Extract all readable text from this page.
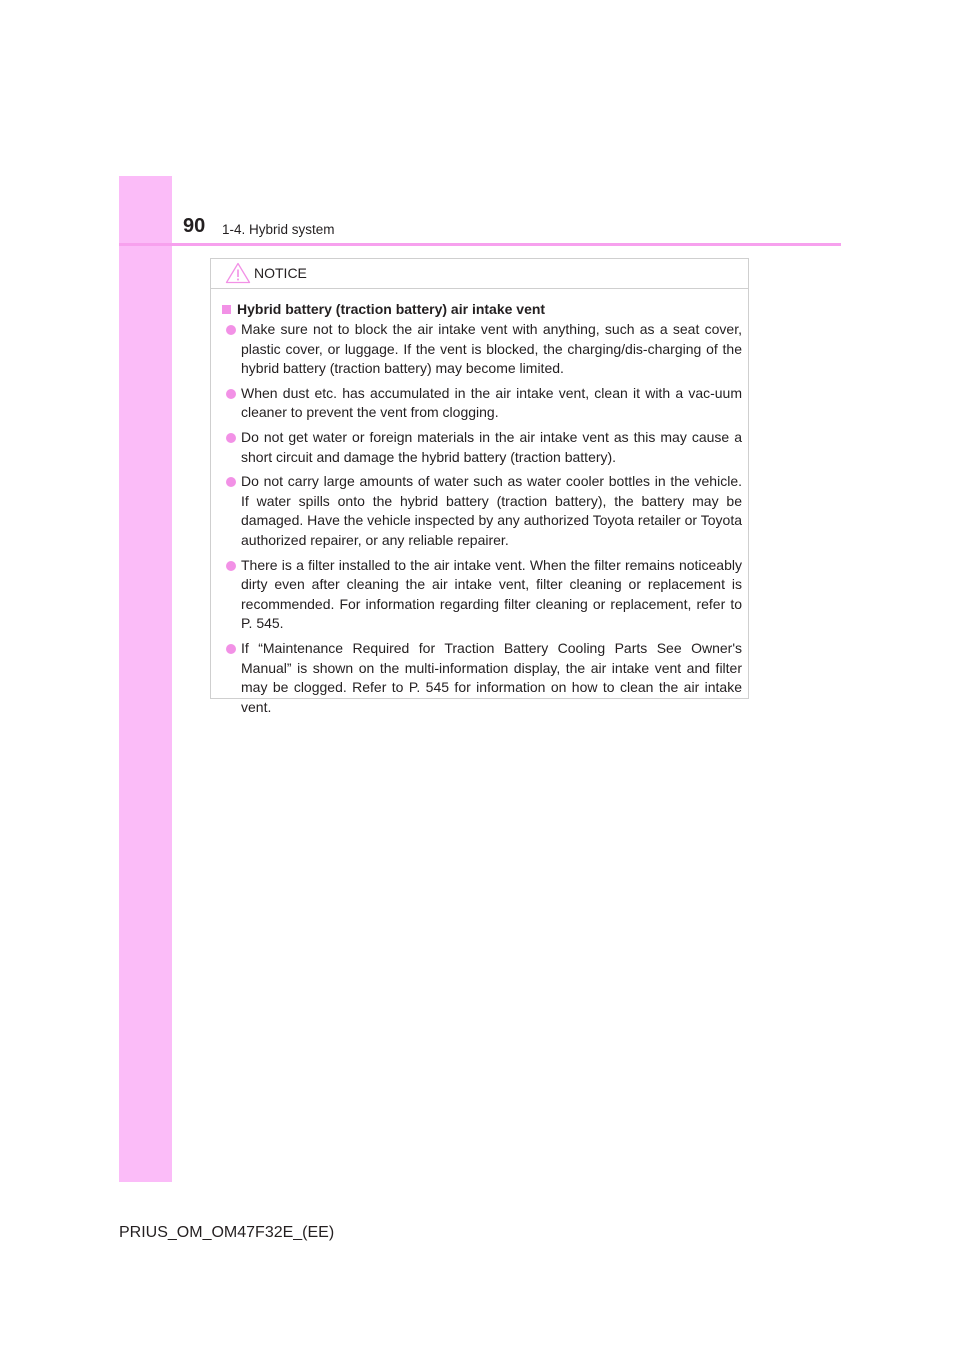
90 1-4. Hybrid system
NOTICE
Hybrid battery (traction battery) air intake vent
Make sure not to block the air intake vent with anything, such as a seat cover, plastic cover, or luggage. If the vent is blocked, the charging/dis-charging of the hybrid battery (traction battery) may become limited.
When dust etc. has accumulated in the air intake vent, clean it with a vac-uum cleaner to prevent the vent from clogging.
Do not get water or foreign materials in the air intake vent as this may cause a short circuit and damage the hybrid battery (traction battery).
Do not carry large amounts of water such as water cooler bottles in the vehicle. If water spills onto the hybrid battery (traction battery), the battery may be damaged. Have the vehicle inspected by any authorized Toyota retailer or Toyota authorized repairer, or any reliable repairer.
There is a filter installed to the air intake vent. When the filter remains noticeably dirty even after cleaning the air intake vent, filter cleaning or replacement is recommended. For information regarding filter cleaning or replacement, refer to P. 545.
If “Maintenance Required for Traction Battery Cooling Parts See Owner's Manual” is shown on the multi-information display, the air intake vent and filter may be clogged. Refer to P. 545 for information on how to clean the air intake vent.
PRIUS_OM_OM47F32E_(EE)
